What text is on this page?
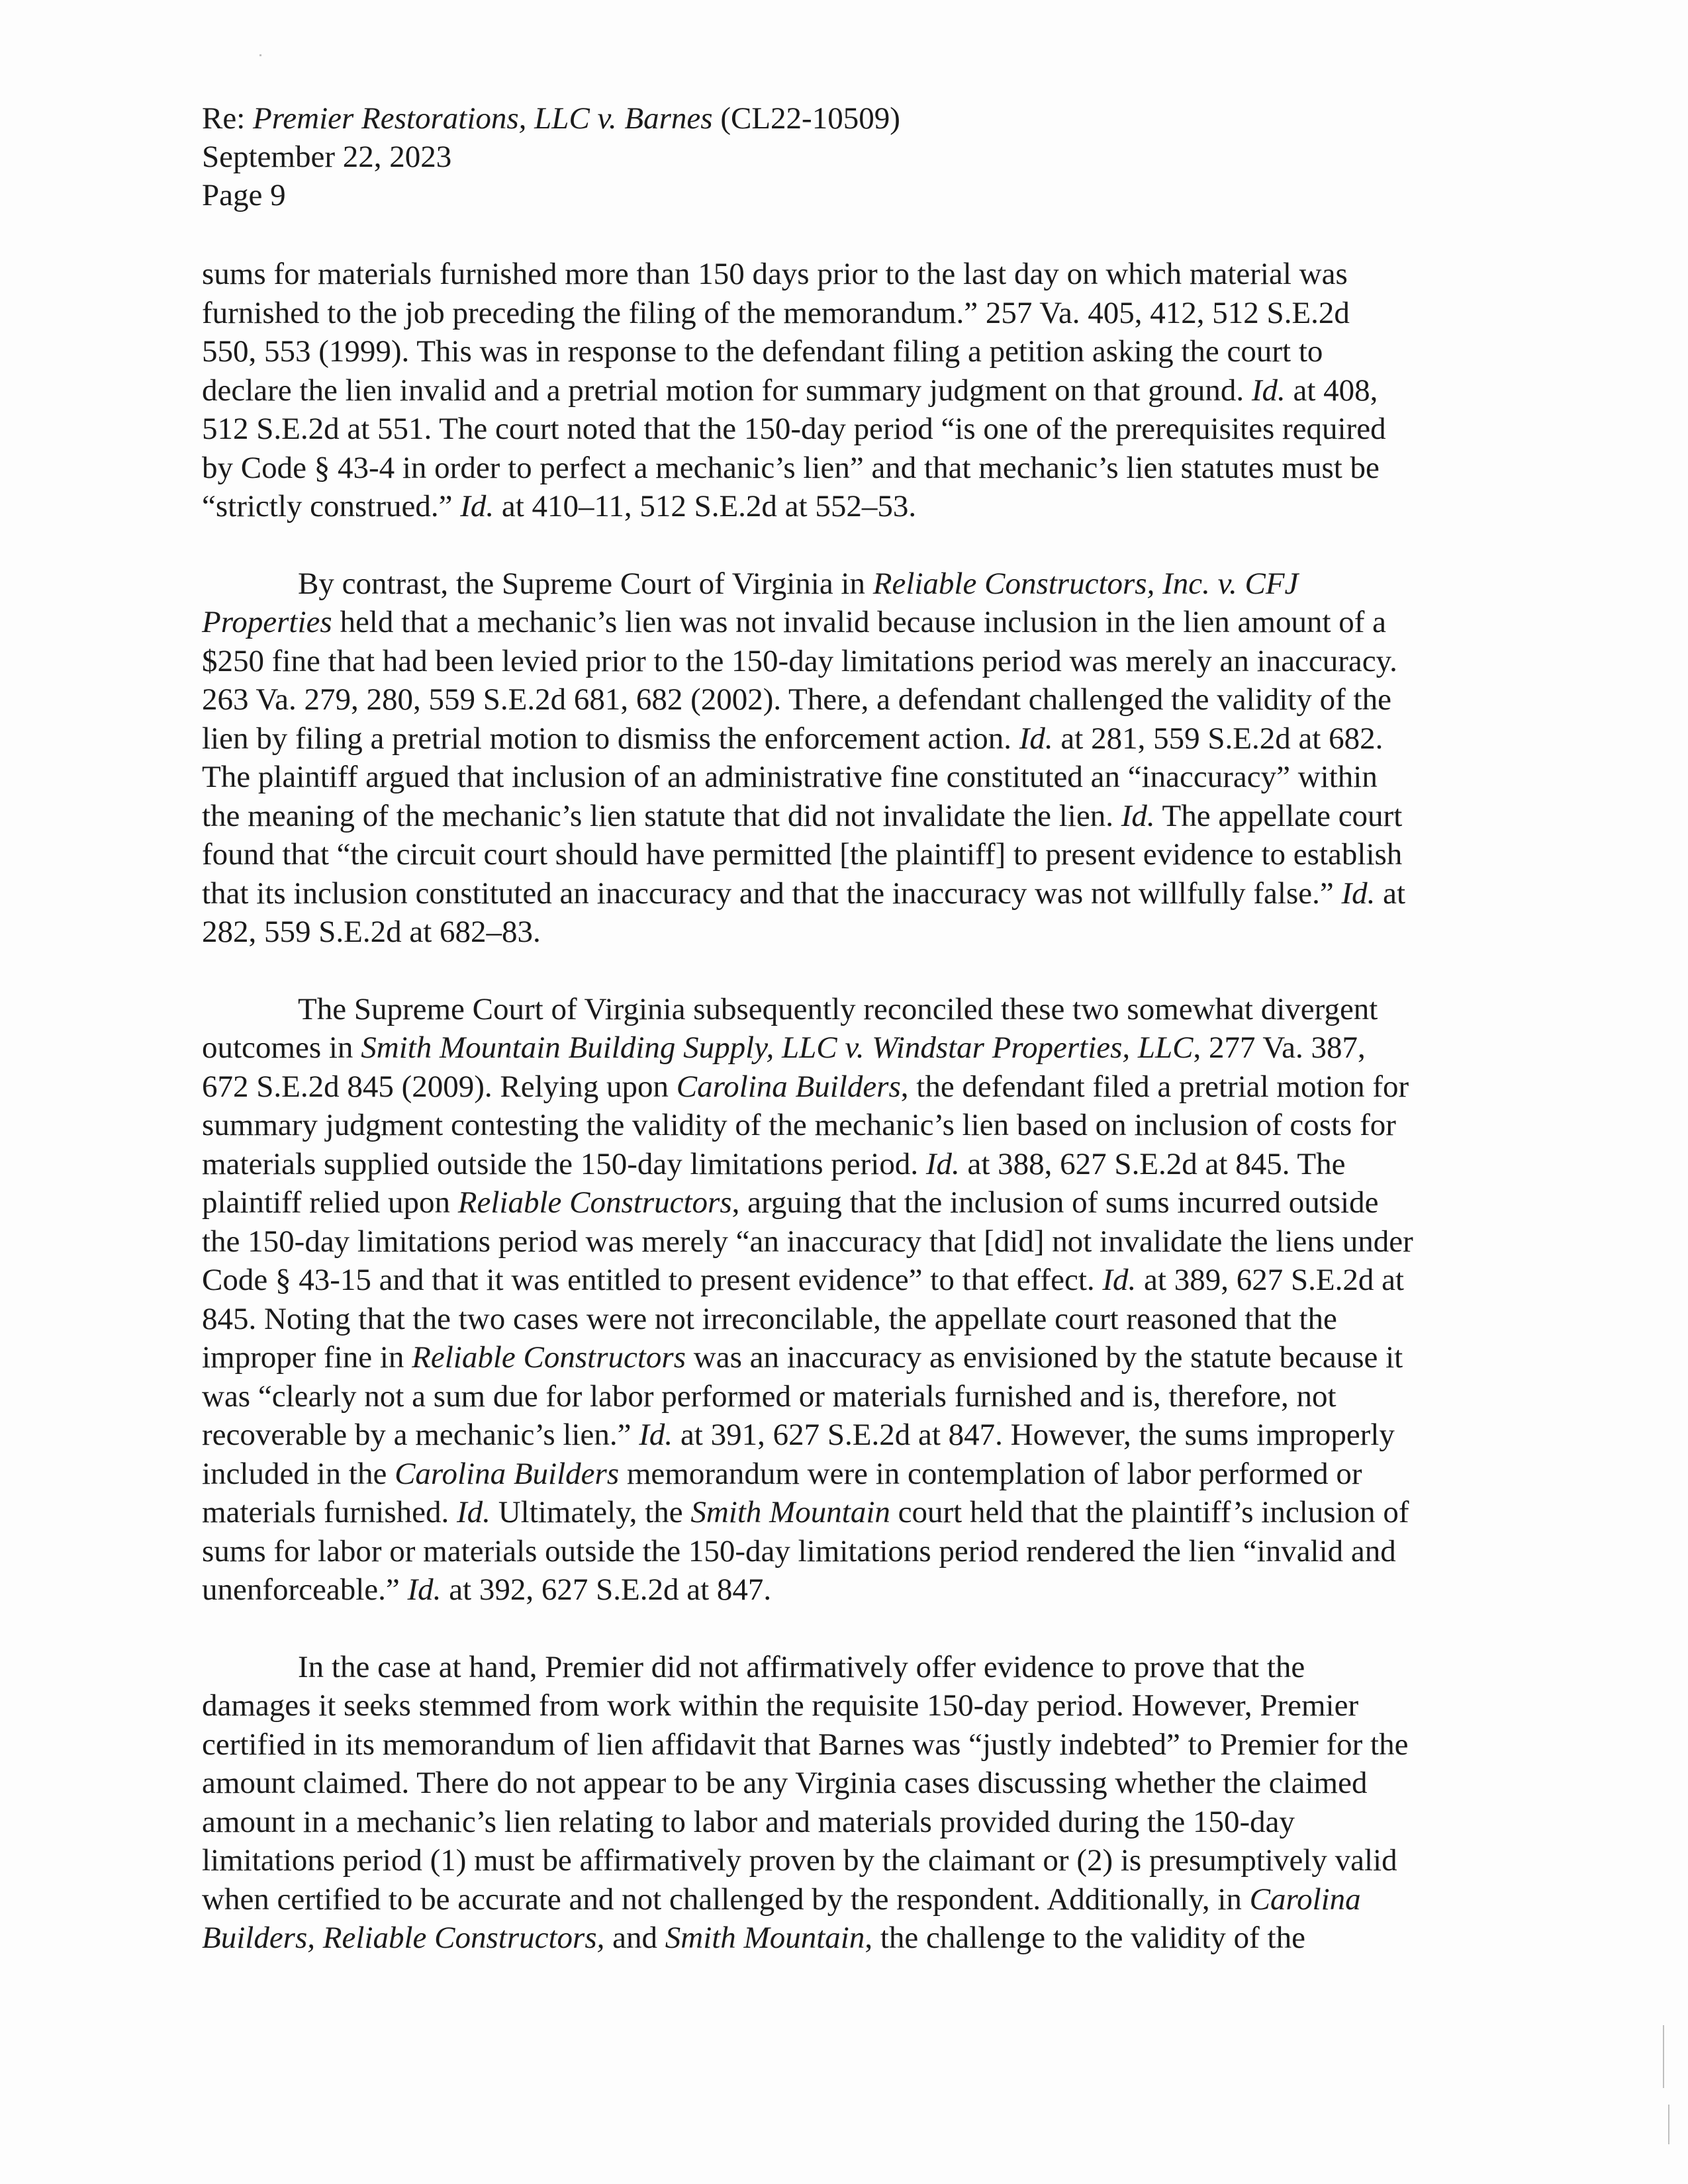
Re: Premier Restorations, LLC v. Barnes (CL22-10509)
September 22, 2023
Page 9
sums for materials furnished more than 150 days prior to the last day on which material was
furnished to the job preceding the filing of the memorandum.” 257 Va. 405, 412, 512 S.E.2d
550, 553 (1999). This was in response to the defendant filing a petition asking the court to
declare the lien invalid and a pretrial motion for summary judgment on that ground. Id. at 408,
512 S.E.2d at 551. The court noted that the 150-day period “is one of the prerequisites required
by Code § 43-4 in order to perfect a mechanic’s lien” and that mechanic’s lien statutes must be
“strictly construed.” Id. at 410–11, 512 S.E.2d at 552–53.
By contrast, the Supreme Court of Virginia in Reliable Constructors, Inc. v. CFJ
Properties held that a mechanic’s lien was not invalid because inclusion in the lien amount of a
$250 fine that had been levied prior to the 150-day limitations period was merely an inaccuracy.
263 Va. 279, 280, 559 S.E.2d 681, 682 (2002). There, a defendant challenged the validity of the
lien by filing a pretrial motion to dismiss the enforcement action. Id. at 281, 559 S.E.2d at 682.
The plaintiff argued that inclusion of an administrative fine constituted an “inaccuracy” within
the meaning of the mechanic’s lien statute that did not invalidate the lien. Id. The appellate court
found that “the circuit court should have permitted [the plaintiff] to present evidence to establish
that its inclusion constituted an inaccuracy and that the inaccuracy was not willfully false.” Id. at
282, 559 S.E.2d at 682–83.
The Supreme Court of Virginia subsequently reconciled these two somewhat divergent
outcomes in Smith Mountain Building Supply, LLC v. Windstar Properties, LLC, 277 Va. 387,
672 S.E.2d 845 (2009). Relying upon Carolina Builders, the defendant filed a pretrial motion for
summary judgment contesting the validity of the mechanic’s lien based on inclusion of costs for
materials supplied outside the 150-day limitations period. Id. at 388, 627 S.E.2d at 845. The
plaintiff relied upon Reliable Constructors, arguing that the inclusion of sums incurred outside
the 150-day limitations period was merely “an inaccuracy that [did] not invalidate the liens under
Code § 43-15 and that it was entitled to present evidence” to that effect. Id. at 389, 627 S.E.2d at
845. Noting that the two cases were not irreconcilable, the appellate court reasoned that the
improper fine in Reliable Constructors was an inaccuracy as envisioned by the statute because it
was “clearly not a sum due for labor performed or materials furnished and is, therefore, not
recoverable by a mechanic’s lien.” Id. at 391, 627 S.E.2d at 847. However, the sums improperly
included in the Carolina Builders memorandum were in contemplation of labor performed or
materials furnished. Id. Ultimately, the Smith Mountain court held that the plaintiff’s inclusion of
sums for labor or materials outside the 150-day limitations period rendered the lien “invalid and
unenforceable.” Id. at 392, 627 S.E.2d at 847.
In the case at hand, Premier did not affirmatively offer evidence to prove that the
damages it seeks stemmed from work within the requisite 150-day period. However, Premier
certified in its memorandum of lien affidavit that Barnes was “justly indebted” to Premier for the
amount claimed. There do not appear to be any Virginia cases discussing whether the claimed
amount in a mechanic’s lien relating to labor and materials provided during the 150-day
limitations period (1) must be affirmatively proven by the claimant or (2) is presumptively valid
when certified to be accurate and not challenged by the respondent. Additionally, in Carolina
Builders, Reliable Constructors, and Smith Mountain, the challenge to the validity of the
